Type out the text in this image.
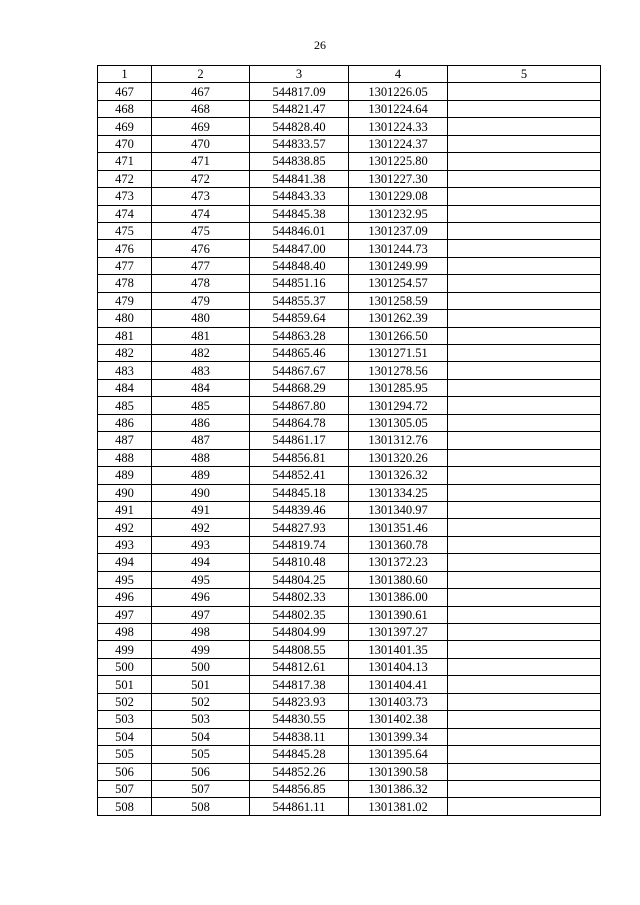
26
1	2	3	4	5
467	467	544817.09	1301226.05	
468	468	544821.47	1301224.64	
469	469	544828.40	1301224.33	
470	470	544833.57	1301224.37	
471	471	544838.85	1301225.80	
472	472	544841.38	1301227.30	
473	473	544843.33	1301229.08	
474	474	544845.38	1301232.95	
475	475	544846.01	1301237.09	
476	476	544847.00	1301244.73	
477	477	544848.40	1301249.99	
478	478	544851.16	1301254.57	
479	479	544855.37	1301258.59	
480	480	544859.64	1301262.39	
481	481	544863.28	1301266.50	
482	482	544865.46	1301271.51	
483	483	544867.67	1301278.56	
484	484	544868.29	1301285.95	
485	485	544867.80	1301294.72	
486	486	544864.78	1301305.05	
487	487	544861.17	1301312.76	
488	488	544856.81	1301320.26	
489	489	544852.41	1301326.32	
490	490	544845.18	1301334.25	
491	491	544839.46	1301340.97	
492	492	544827.93	1301351.46	
493	493	544819.74	1301360.78	
494	494	544810.48	1301372.23	
495	495	544804.25	1301380.60	
496	496	544802.33	1301386.00	
497	497	544802.35	1301390.61	
498	498	544804.99	1301397.27	
499	499	544808.55	1301401.35	
500	500	544812.61	1301404.13	
501	501	544817.38	1301404.41	
502	502	544823.93	1301403.73	
503	503	544830.55	1301402.38	
504	504	544838.11	1301399.34	
505	505	544845.28	1301395.64	
506	506	544852.26	1301390.58	
507	507	544856.85	1301386.32	
508	508	544861.11	1301381.02	
